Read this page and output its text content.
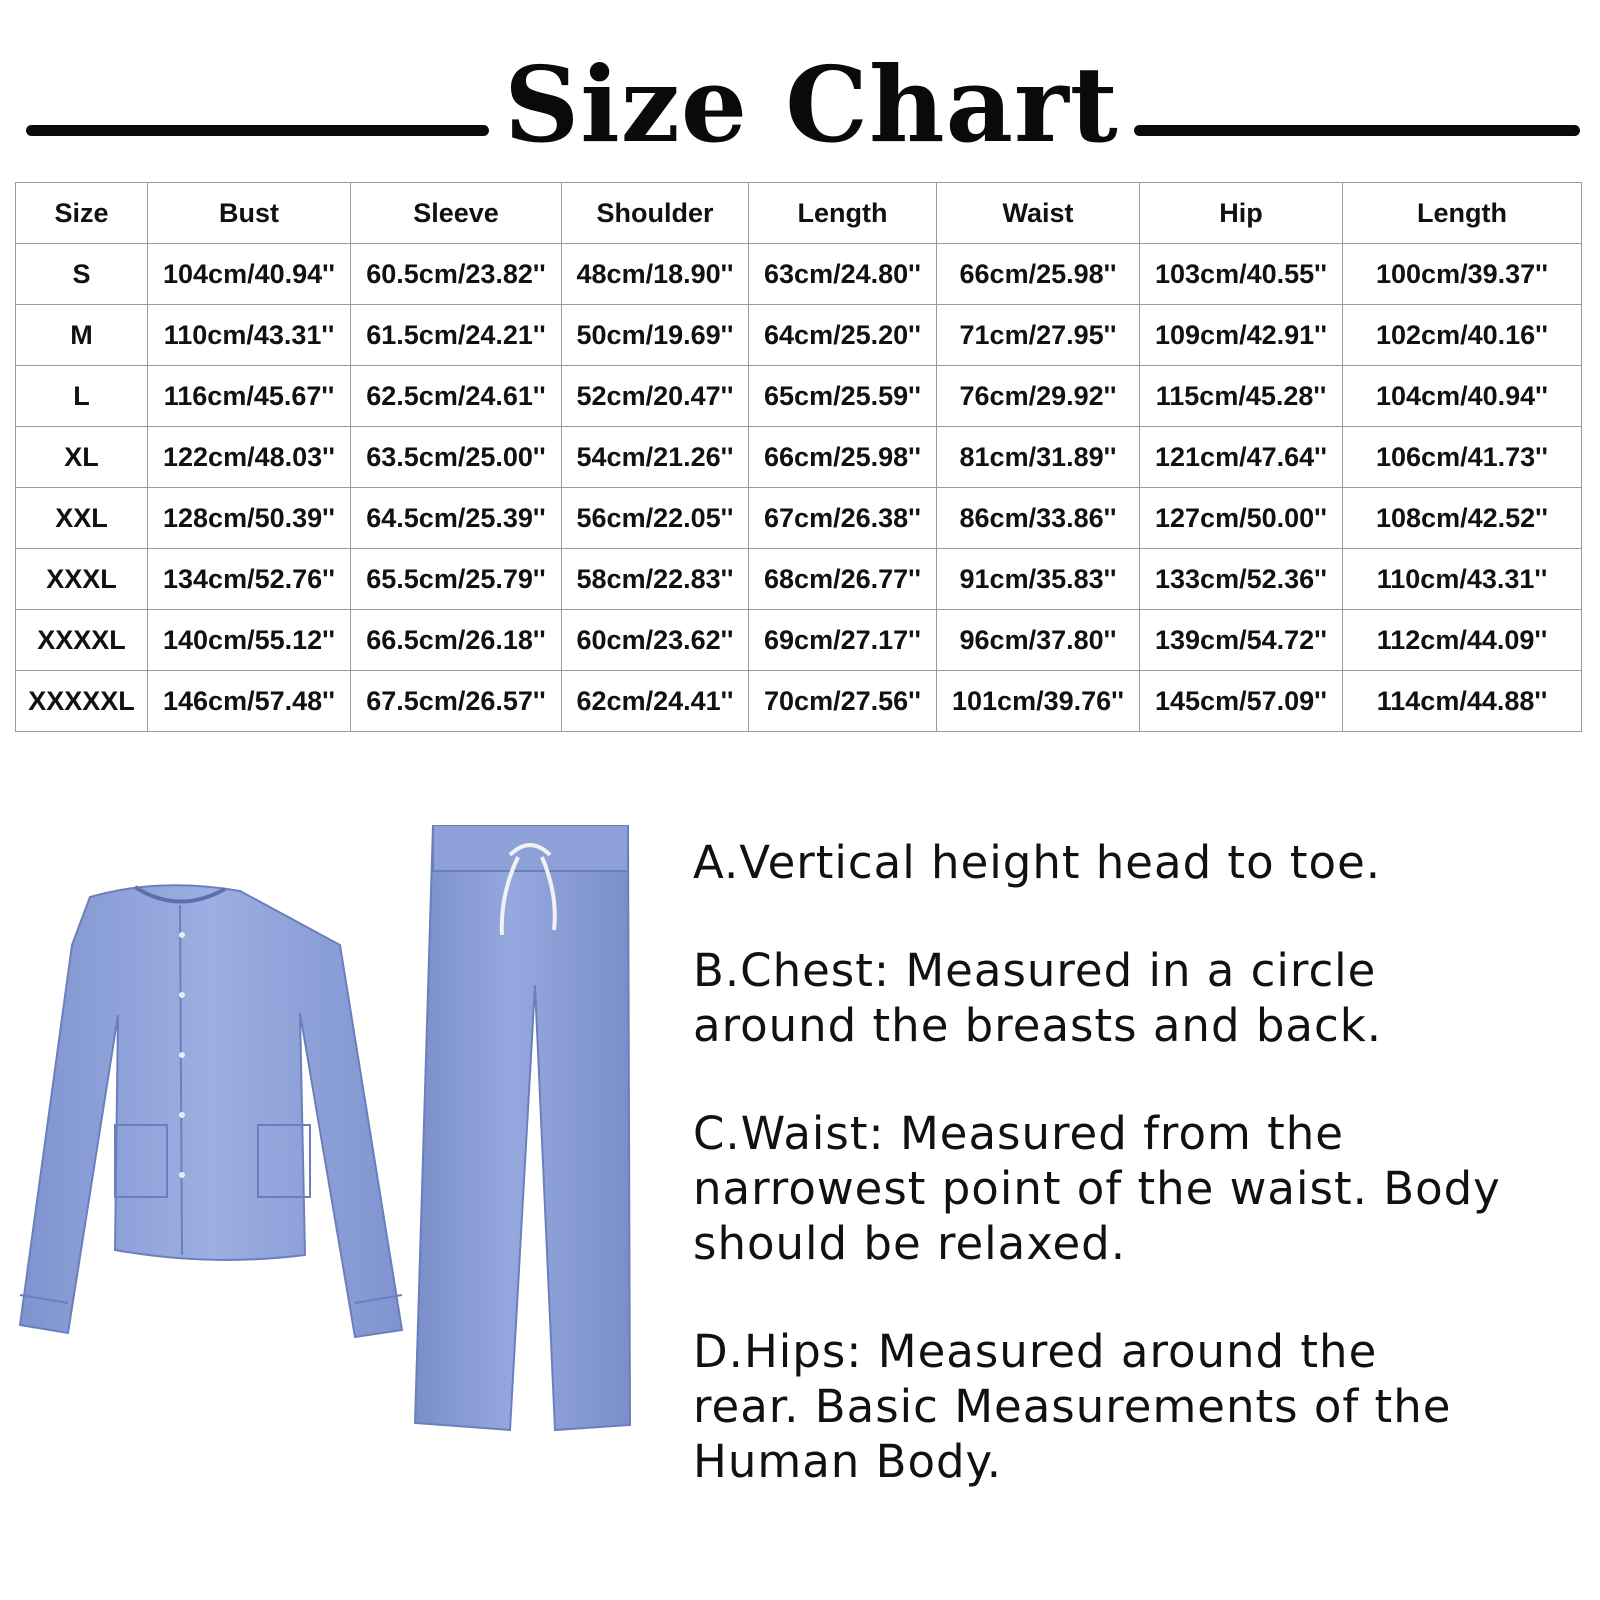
Size Chart
Size	Bust	Sleeve	Shoulder	Length	Waist	Hip	Length
S	104cm/40.94''	60.5cm/23.82''	48cm/18.90''	63cm/24.80''	66cm/25.98''	103cm/40.55''	100cm/39.37''
M	110cm/43.31''	61.5cm/24.21''	50cm/19.69''	64cm/25.20''	71cm/27.95''	109cm/42.91''	102cm/40.16''
L	116cm/45.67''	62.5cm/24.61''	52cm/20.47''	65cm/25.59''	76cm/29.92''	115cm/45.28''	104cm/40.94''
XL	122cm/48.03''	63.5cm/25.00''	54cm/21.26''	66cm/25.98''	81cm/31.89''	121cm/47.64''	106cm/41.73''
XXL	128cm/50.39''	64.5cm/25.39''	56cm/22.05''	67cm/26.38''	86cm/33.86''	127cm/50.00''	108cm/42.52''
XXXL	134cm/52.76''	65.5cm/25.79''	58cm/22.83''	68cm/26.77''	91cm/35.83''	133cm/52.36''	110cm/43.31''
XXXXL	140cm/55.12''	66.5cm/26.18''	60cm/23.62''	69cm/27.17''	96cm/37.80''	139cm/54.72''	112cm/44.09''
XXXXXL	146cm/57.48''	67.5cm/26.57''	62cm/24.41''	70cm/27.56''	101cm/39.76''	145cm/57.09''	114cm/44.88''

A.Vertical height head to toe.

B.Chest: Measured in a circle
around the breasts and back.

C.Waist: Measured from the
narrowest point of the waist. Body
should be relaxed.

D.Hips: Measured around the
rear. Basic Measurements of the
Human Body.
